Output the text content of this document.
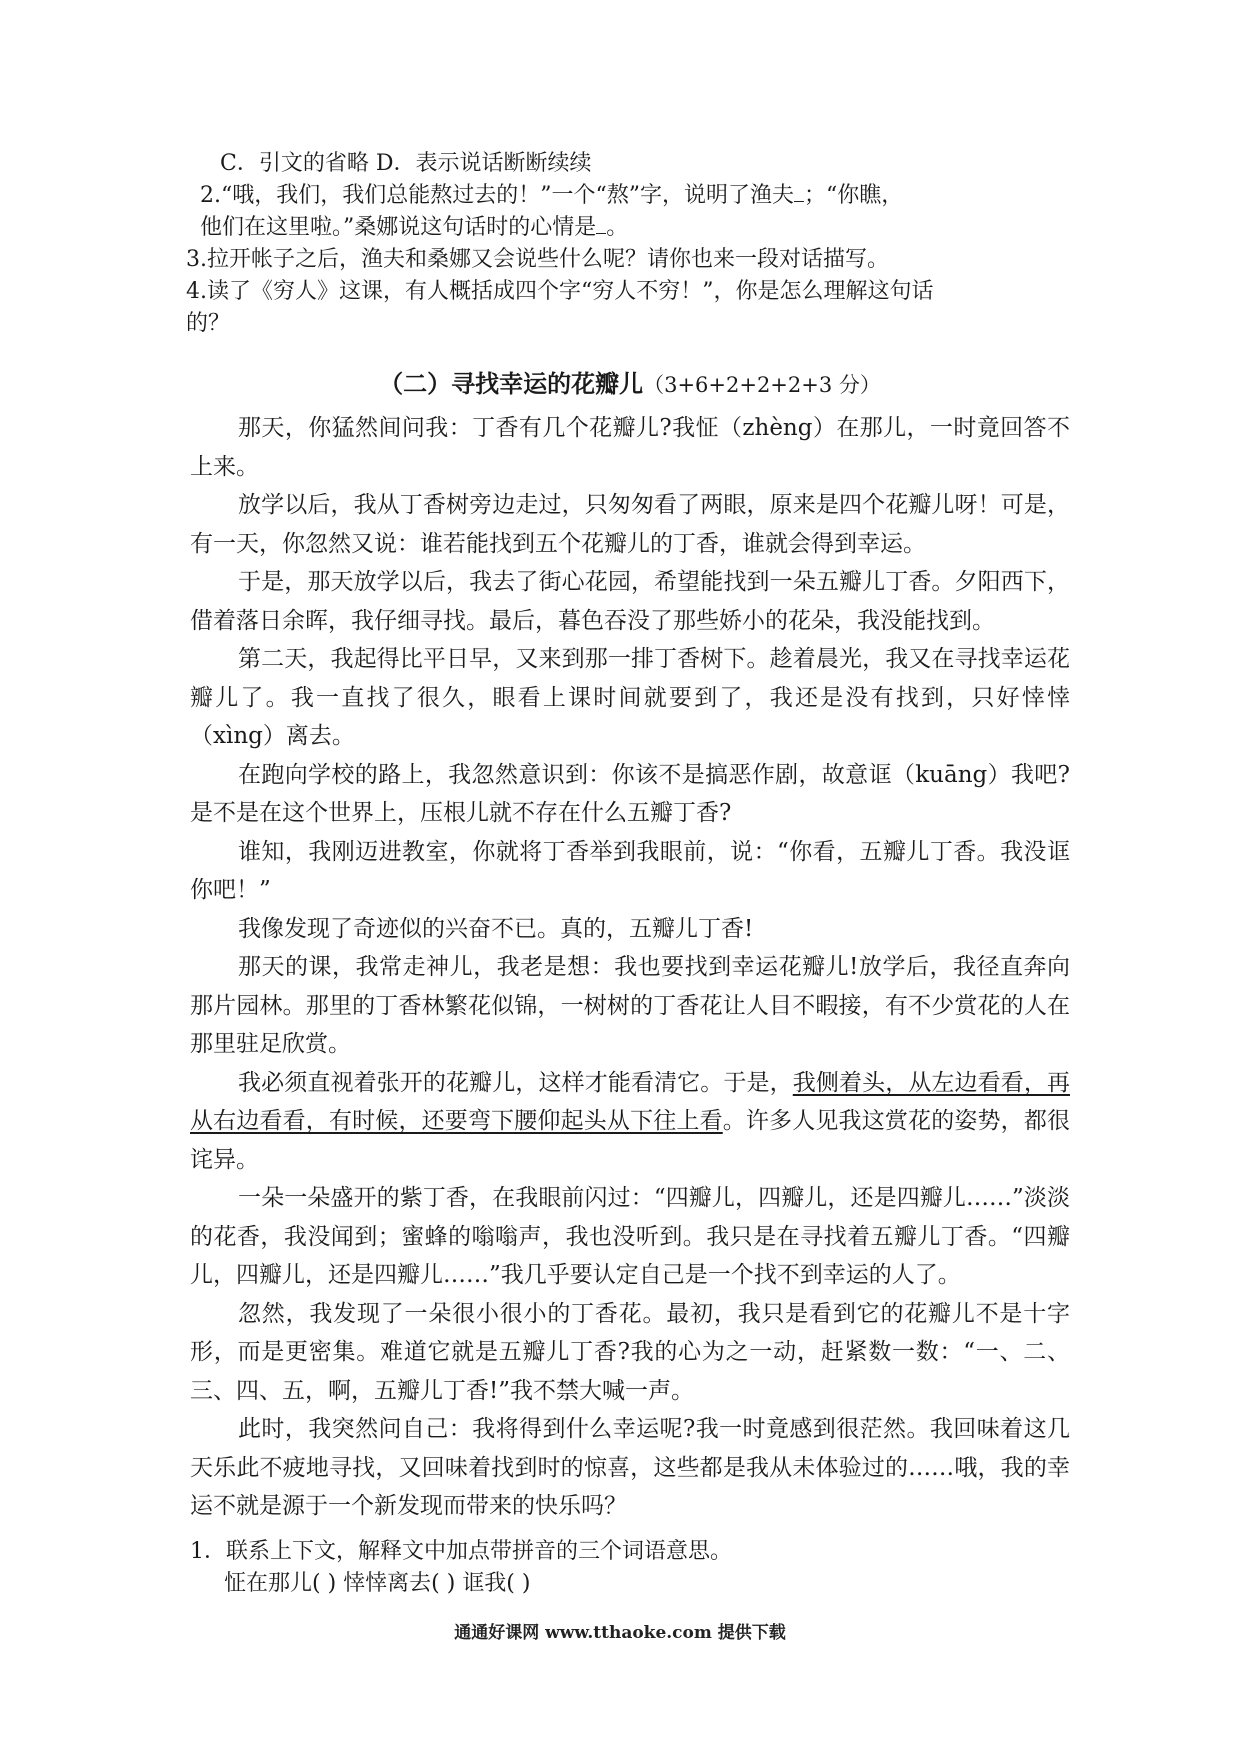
C．引文的省略 D．表示说话断断续续
2.“哦，我们，我们总能熬过去的！”一个“熬”字，说明了渔夫 ；“你瞧，
他们在这里啦。”桑娜说这句话时的心情是 。
3.拉开帐子之后，渔夫和桑娜又会说些什么呢？请你也来一段对话描写。
4.读了《穷人》这课，有人概括成四个字“穷人不穷！”，你是怎么理解这句话
的？
（二）寻找幸运的花瓣儿（3+6+2+2+2+3 分）

那天，你猛然间问我：丁香有几个花瓣儿?我怔（zhèng）在那儿，一时竟回答不上来。

放学以后，我从丁香树旁边走过，只匆匆看了两眼，原来是四个花瓣儿呀！可是，有一天，你忽然又说：谁若能找到五个花瓣儿的丁香，谁就会得到幸运。

于是，那天放学以后，我去了街心花园，希望能找到一朵五瓣儿丁香。夕阳西下，借着落日余晖，我仔细寻找。最后，暮色吞没了那些娇小的花朵，我没能找到。

第二天，我起得比平日早，又来到那一排丁香树下。趁着晨光，我又在寻找幸运花瓣儿了。我一直找了很久，眼看上课时间就要到了，我还是没有找到，只好悻悻（xìng）离去。

在跑向学校的路上，我忽然意识到：你该不是搞恶作剧，故意诓（kuāng）我吧?是不是在这个世界上，压根儿就不存在什么五瓣丁香?

谁知，我刚迈进教室，你就将丁香举到我眼前，说：“你看，五瓣儿丁香。我没诓你吧！”

我像发现了奇迹似的兴奋不已。真的，五瓣儿丁香!

那天的课，我常走神儿，我老是想：我也要找到幸运花瓣儿!放学后，我径直奔向那片园林。那里的丁香林繁花似锦，一树树的丁香花让人目不暇接，有不少赏花的人在那里驻足欣赏。

我必须直视着张开的花瓣儿，这样才能看清它。于是，我侧着头，从左边看看，再从右边看看，有时候，还要弯下腰仰起头从下往上看。许多人见我这赏花的姿势，都很诧异。

一朵一朵盛开的紫丁香，在我眼前闪过：“四瓣儿，四瓣儿，还是四瓣儿……”淡淡的花香，我没闻到；蜜蜂的嗡嗡声，我也没听到。我只是在寻找着五瓣儿丁香。“四瓣儿，四瓣儿，还是四瓣儿……”我几乎要认定自己是一个找不到幸运的人了。

忽然，我发现了一朵很小很小的丁香花。最初，我只是看到它的花瓣儿不是十字形，而是更密集。难道它就是五瓣儿丁香?我的心为之一动，赶紧数一数：“一、二、三、四、五，啊，五瓣儿丁香!”我不禁大喊一声。

此时，我突然问自己：我将得到什么幸运呢?我一时竟感到很茫然。我回味着这几天乐此不疲地寻找，又回味着找到时的惊喜，这些都是我从未体验过的……哦，我的幸运不就是源于一个新发现而带来的快乐吗？

1．联系上下文，解释文中加点带拼音的三个词语意思。
怔在那儿( ) 悻悻离去( ) 诓我( )
通通好课网 www.tthaoke.com 提供下载
